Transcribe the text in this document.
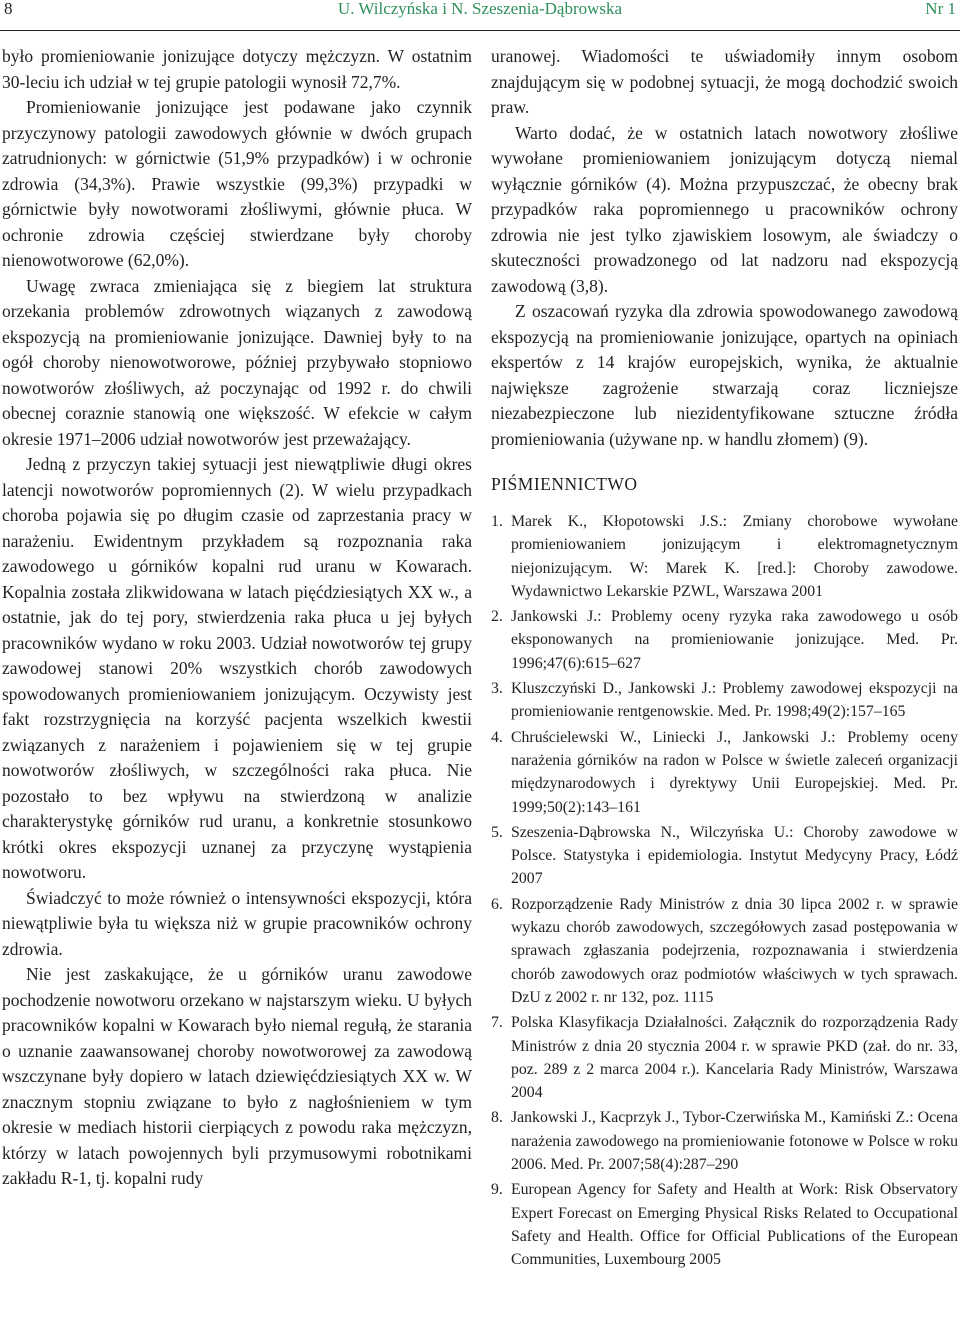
8	U. Wilczyńska i N. Szeszenia-Dąbrowska	Nr 1

było promieniowanie jonizujące dotyczy mężczyzn. W ostatnim 30-leciu ich udział w tej grupie patologii wynosił 72,7%.

Promieniowanie jonizujące jest podawane jako czynnik przyczynowy patologii zawodowych głównie w dwóch grupach zatrudnionych: w górnictwie (51,9% przypadków) i w ochronie zdrowia (34,3%). Prawie wszystkie (99,3%) przypadki w górnictwie były nowotworami złośliwymi, głównie płuca. W ochronie zdrowia częściej stwierdzane były choroby nienowotworowe (62,0%).

Uwagę zwraca zmieniająca się z biegiem lat struktura orzekania problemów zdrowotnych wiązanych z zawodową ekspozycją na promieniowanie jonizujące. Dawniej były to na ogół choroby nienowotworowe, później przybywało stopniowo nowotworów złośliwych, aż poczynając od 1992 r. do chwili obecnej coraznie stanowią one większość. W efekcie w całym okresie 1971–2006 udział nowotworów jest przeważający.

Jedną z przyczyn takiej sytuacji jest niewątpliwie długi okres latencji nowotworów popromiennych (2). W wielu przypadkach choroba pojawia się po długim czasie od zaprzestania pracy w narażeniu. Ewidentnym przykładem są rozpoznania raka zawodowego u górników kopalni rud uranu w Kowarach. Kopalnia została zlikwidowana w latach pięćdziesiątych XX w., a ostatnie, jak do tej pory, stwierdzenia raka płuca u jej byłych pracowników wydano w roku 2003. Udział nowotworów tej grupy zawodowej stanowi 20% wszystkich chorób zawodowych spowodowanych promieniowaniem jonizującym. Oczywisty jest fakt rozstrzygnięcia na korzyść pacjenta wszelkich kwestii związanych z narażeniem i pojawieniem się w tej grupie nowotworów złośliwych, w szczególności raka płuca. Nie pozostało to bez wpływu na stwierdzoną w analizie charakterystykę górników rud uranu, a konkretnie stosunkowo krótki okres ekspozycji uznanej za przyczynę wystąpienia nowotworu.

Świadczyć to może również o intensywności ekspozycji, która niewątpliwie była tu większa niż w grupie pracowników ochrony zdrowia.

Nie jest zaskakujące, że u górników uranu zawodowe pochodzenie nowotworu orzekano w najstarszym wieku. U byłych pracowników kopalni w Kowarach było niemal regułą, że starania o uznanie zaawansowanej choroby nowotworowej za zawodową wszczynane były dopiero w latach dziewięćdziesiątych XX w. W znacznym stopniu związane to było z nagłośnieniem w tym okresie w mediach historii cierpiących z powodu raka mężczyzn, którzy w latach powojennych byli przymusowymi robotnikami zakładu R-1, tj. kopalni rudy

uranowej. Wiadomości te uświadomiły innym osobom znajdującym się w podobnej sytuacji, że mogą dochodzić swoich praw.

Warto dodać, że w ostatnich latach nowotwory złośliwe wywołane promieniowaniem jonizującym dotyczą niemal wyłącznie górników (4). Można przypuszczać, że obecny brak przypadków raka popromiennego u pracowników ochrony zdrowia nie jest tylko zjawiskiem losowym, ale świadczy o skuteczności prowadzonego od lat nadzoru nad ekspozycją zawodową (3,8).

Z oszacowań ryzyka dla zdrowia spowodowanego zawodową ekspozycją na promieniowanie jonizujące, opartych na opiniach ekspertów z 14 krajów europejskich, wynika, że aktualnie największe zagrożenie stwarzają coraz liczniejsze niezabezpieczone lub niezidentyfikowane sztuczne źródła promieniowania (używane np. w handlu złomem) (9).

PIŚMIENNICTWO
1. Marek K., Kłopotowski J.S.: Zmiany chorobowe wywołane promieniowaniem jonizującym i elektromagnetycznym niejonizującym. W: Marek K. [red.]: Choroby zawodowe. Wydawnictwo Lekarskie PZWL, Warszawa 2001
2. Jankowski J.: Problemy oceny ryzyka raka zawodowego u osób eksponowanych na promieniowanie jonizujące. Med. Pr. 1996;47(6):615–627
3. Kluszczyński D., Jankowski J.: Problemy zawodowej ekspozycji na promieniowanie rentgenowskie. Med. Pr. 1998;49(2):157–165
4. Chruścielewski W., Liniecki J., Jankowski J.: Problemy oceny narażenia górników na radon w Polsce w świetle zaleceń organizacji międzynarodowych i dyrektywy Unii Europejskiej. Med. Pr. 1999;50(2):143–161
5. Szeszenia-Dąbrowska N., Wilczyńska U.: Choroby zawodowe w Polsce. Statystyka i epidemiologia. Instytut Medycyny Pracy, Łódź 2007
6. Rozporządzenie Rady Ministrów z dnia 30 lipca 2002 r. w sprawie wykazu chorób zawodowych, szczegółowych zasad postępowania w sprawach zgłaszania podejrzenia, rozpoznawania i stwierdzenia chorób zawodowych oraz podmiotów właściwych w tych sprawach. DzU z 2002 r. nr 132, poz. 1115
7. Polska Klasyfikacja Działalności. Załącznik do rozporządzenia Rady Ministrów z dnia 20 stycznia 2004 r. w sprawie PKD (zał. do nr. 33, poz. 289 z 2 marca 2004 r.). Kancelaria Rady Ministrów, Warszawa 2004
8. Jankowski J., Kacprzyk J., Tybor-Czerwińska M., Kamiński Z.: Ocena narażenia zawodowego na promieniowanie fotonowe w Polsce w roku 2006. Med. Pr. 2007;58(4):287–290
9. European Agency for Safety and Health at Work: Risk Observatory Expert Forecast on Emerging Physical Risks Related to Occupational Safety and Health. Office for Official Publications of the European Communities, Luxembourg 2005
